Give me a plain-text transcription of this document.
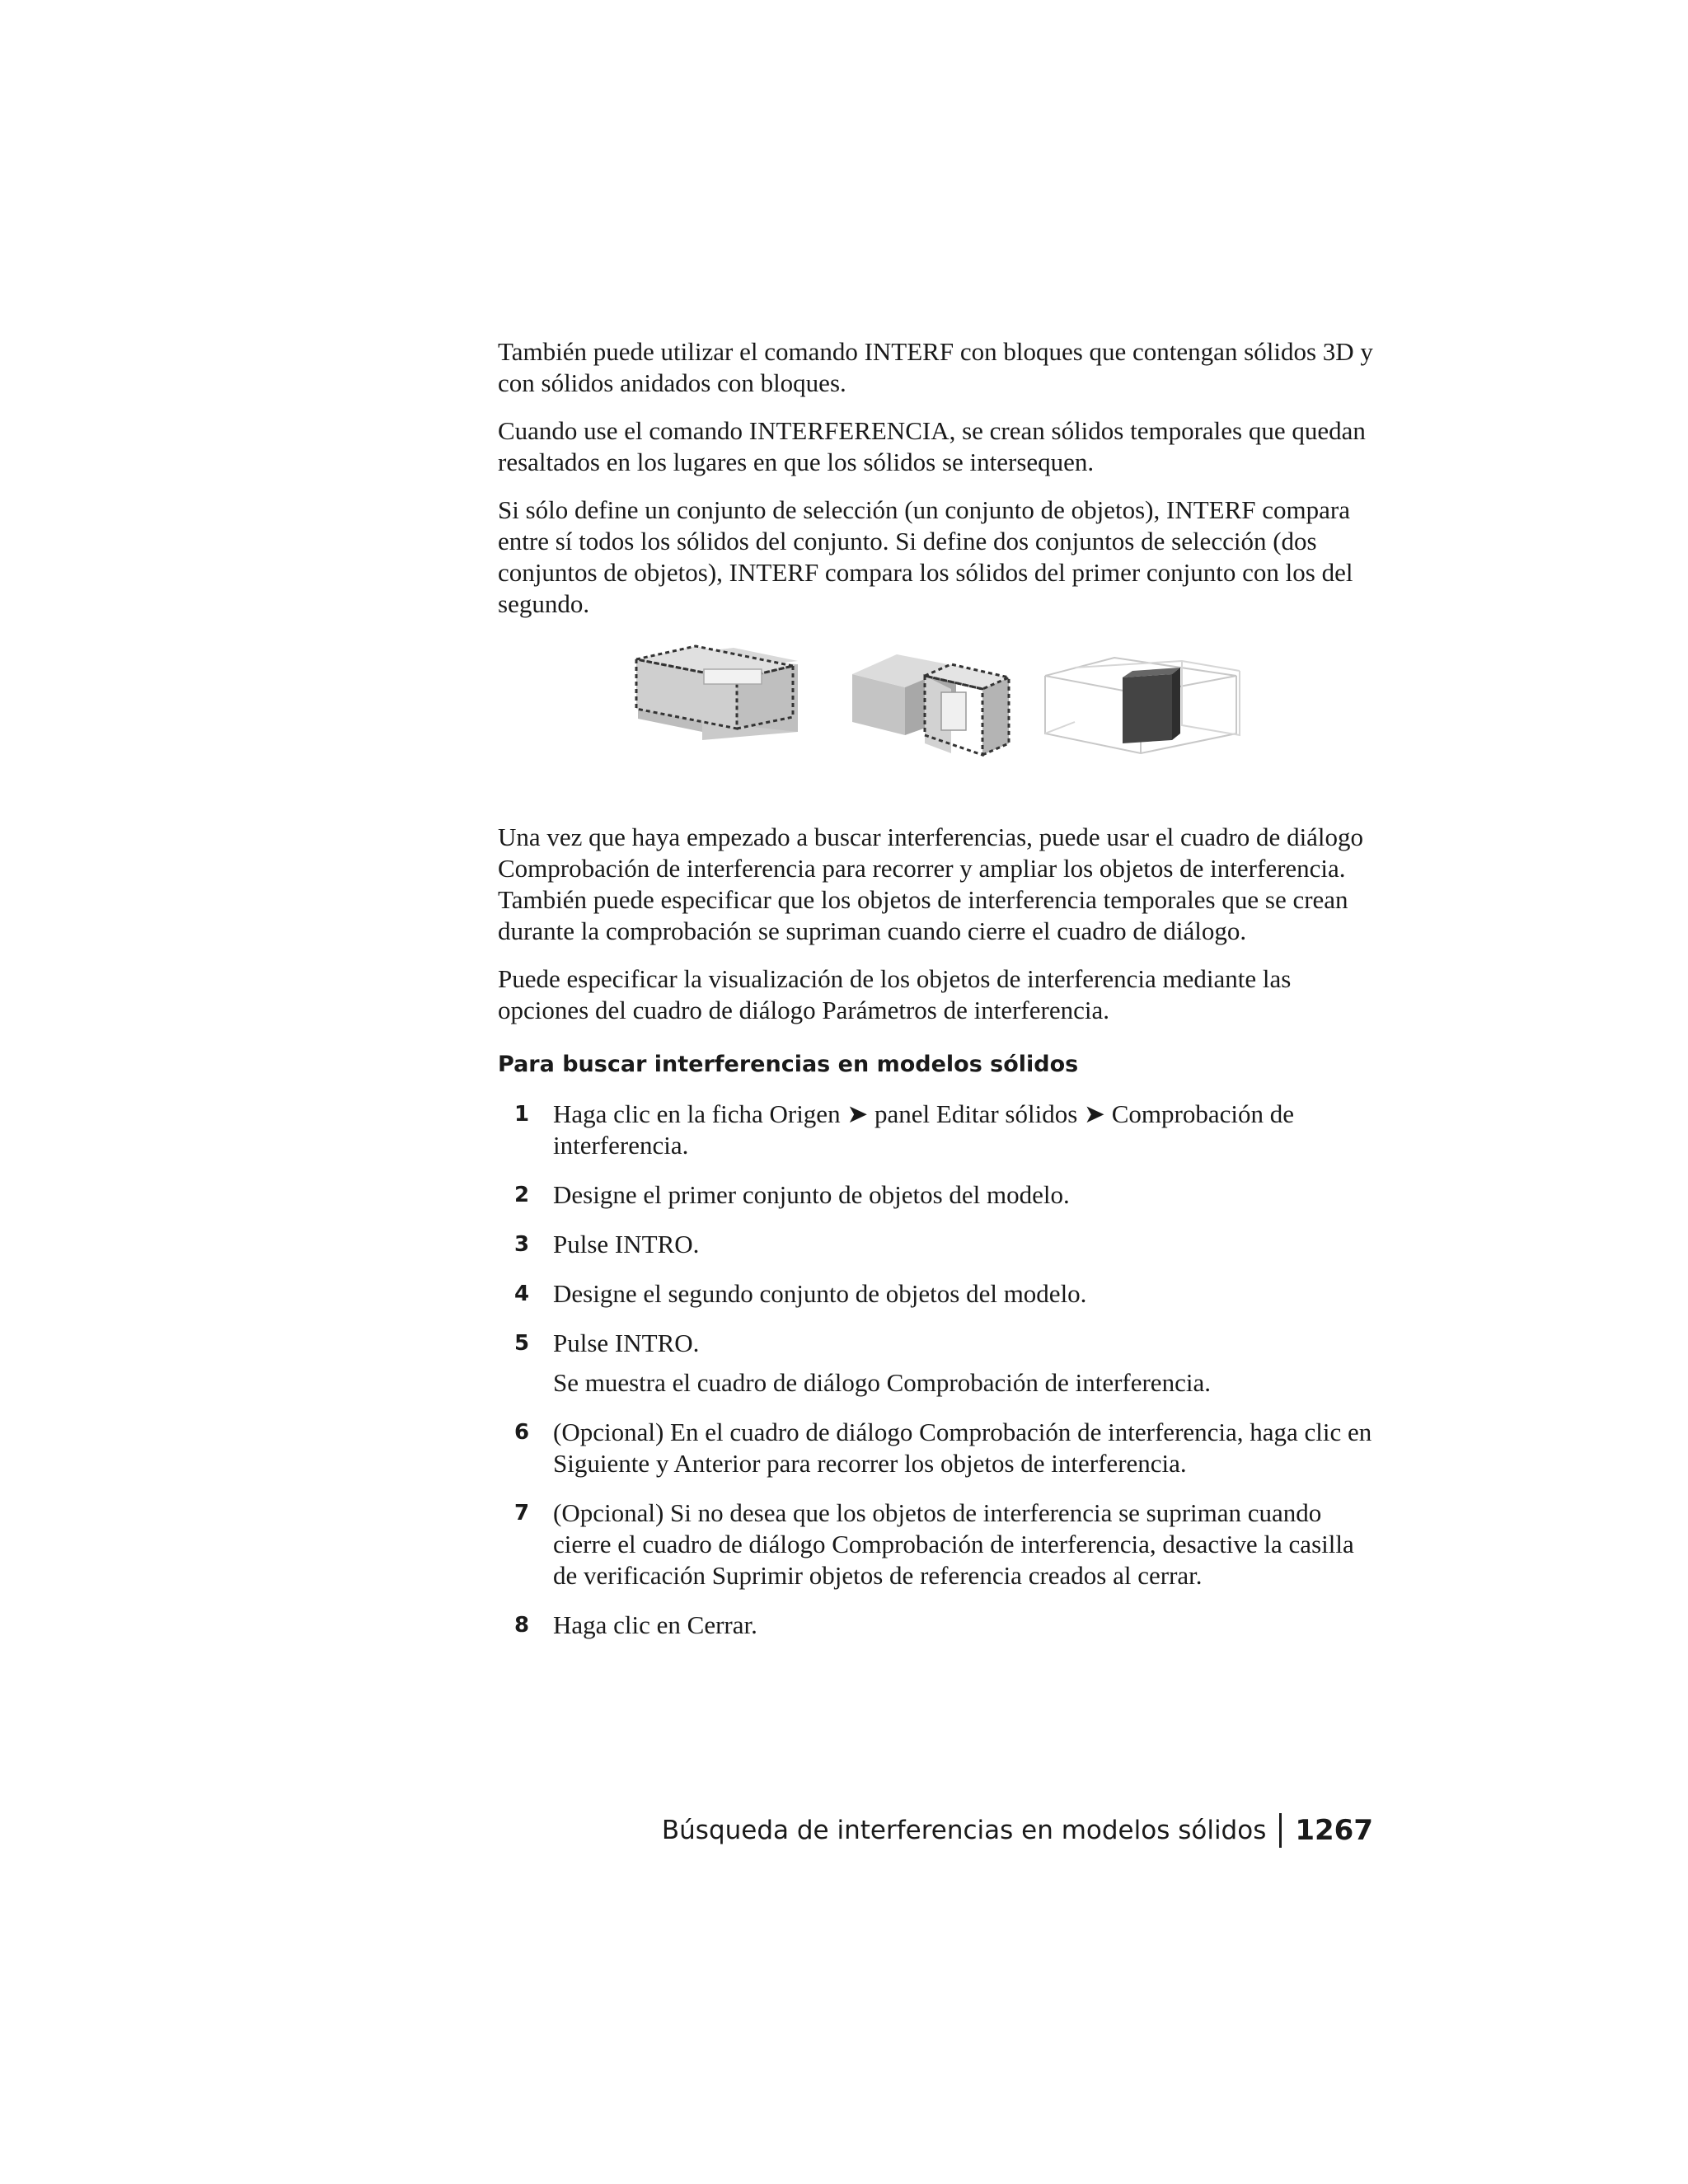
También puede utilizar el comando INTERF con bloques que contengan sólidos 3D y con sólidos anidados con bloques.

Cuando use el comando INTERFERENCIA, se crean sólidos temporales que quedan resaltados en los lugares en que los sólidos se intersequen.

Si sólo define un conjunto de selección (un conjunto de objetos), INTERF compara entre sí todos los sólidos del conjunto. Si define dos conjuntos de selección (dos conjuntos de objetos), INTERF compara los sólidos del primer conjunto con los del segundo.

Una vez que haya empezado a buscar interferencias, puede usar el cuadro de diálogo Comprobación de interferencia para recorrer y ampliar los objetos de interferencia. También puede especificar que los objetos de interferencia temporales que se crean durante la comprobación se supriman cuando cierre el cuadro de diálogo.

Puede especificar la visualización de los objetos de interferencia mediante las opciones del cuadro de diálogo Parámetros de interferencia.

Para buscar interferencias en modelos sólidos
1 Haga clic en la ficha Origen ➤ panel Editar sólidos ➤ Comprobación de interferencia.

2 Designe el primer conjunto de objetos del modelo.

3 Pulse INTRO.

4 Designe el segundo conjunto de objetos del modelo.

5 Pulse INTRO.

Se muestra el cuadro de diálogo Comprobación de interferencia.

6 (Opcional) En el cuadro de diálogo Comprobación de interferencia, haga clic en Siguiente y Anterior para recorrer los objetos de interferencia.

7 (Opcional) Si no desea que los objetos de interferencia se supriman cuando cierre el cuadro de diálogo Comprobación de interferencia, desactive la casilla de verificación Suprimir objetos de referencia creados al cerrar.

8 Haga clic en Cerrar.

Búsqueda de interferencias en modelos sólidos 1267
